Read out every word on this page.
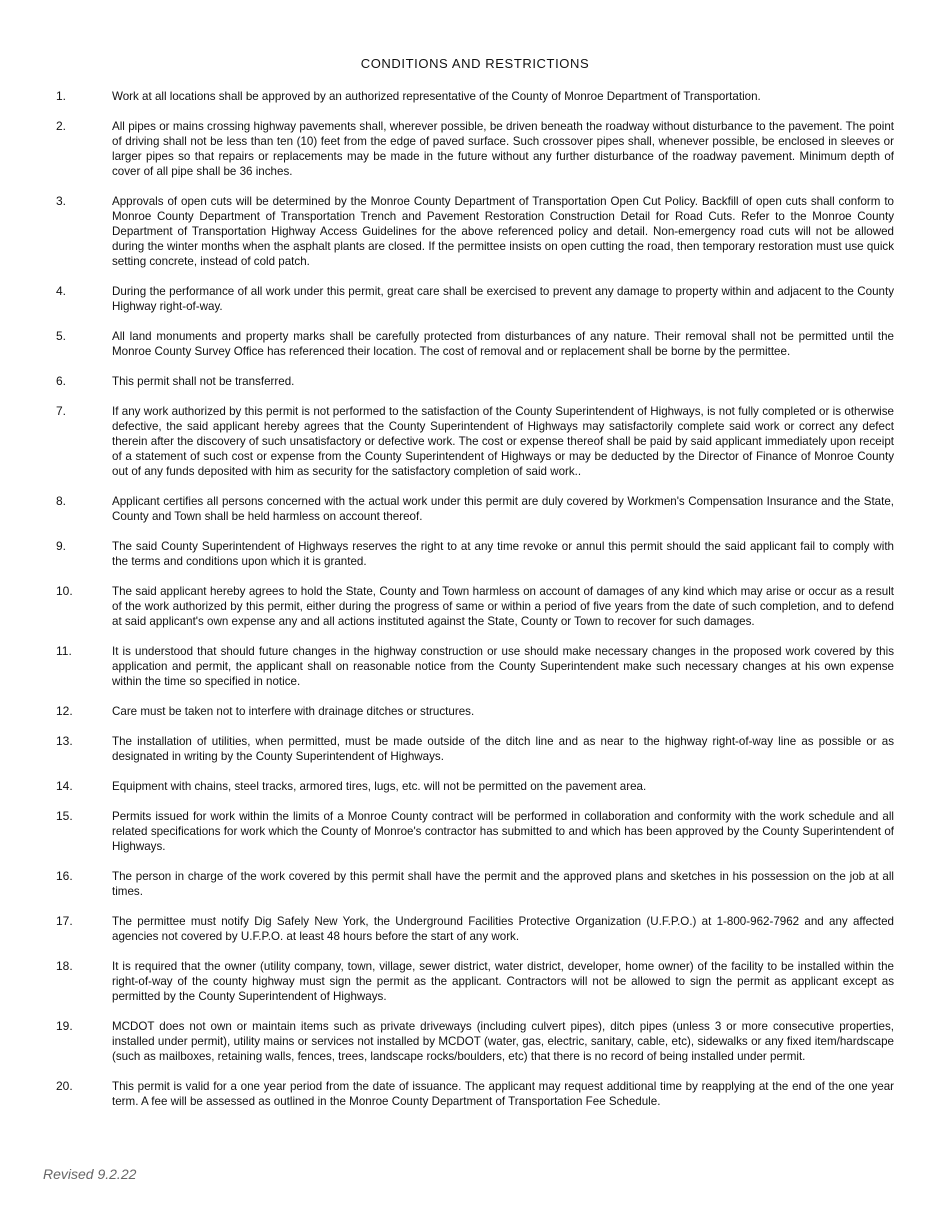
CONDITIONS AND RESTRICTIONS
1.	Work at all locations shall be approved by an authorized representative of the County of Monroe Department of Transportation.
2.	All pipes or mains crossing highway pavements shall, wherever possible, be driven beneath the roadway without disturbance to the pavement. The point of driving shall not be less than ten (10) feet from the edge of paved surface. Such crossover pipes shall, whenever possible, be enclosed in sleeves or larger pipes so that repairs or replacements may be made in the future without any further disturbance of the roadway pavement. Minimum depth of cover of all pipe shall be 36 inches.
3.	Approvals of open cuts will be determined by the Monroe County Department of Transportation Open Cut Policy. Backfill of open cuts shall conform to Monroe County Department of Transportation Trench and Pavement Restoration Construction Detail for Road Cuts. Refer to the Monroe County Department of Transportation Highway Access Guidelines for the above referenced policy and detail. Non-emergency road cuts will not be allowed during the winter months when the asphalt plants are closed. If the permittee insists on open cutting the road, then temporary restoration must use quick setting concrete, instead of cold patch.
4.	During the performance of all work under this permit, great care shall be exercised to prevent any damage to property within and adjacent to the County Highway right-of-way.
5.	All land monuments and property marks shall be carefully protected from disturbances of any nature. Their removal shall not be permitted until the Monroe County Survey Office has referenced their location. The cost of removal and or replacement shall be borne by the permittee.
6.	This permit shall not be transferred.
7.	If any work authorized by this permit is not performed to the satisfaction of the County Superintendent of Highways, is not fully completed or is otherwise defective, the said applicant hereby agrees that the County Superintendent of Highways may satisfactorily complete said work or correct any defect therein after the discovery of such unsatisfactory or defective work. The cost or expense thereof shall be paid by said applicant immediately upon receipt of a statement of such cost or expense from the County Superintendent of Highways or may be deducted by the Director of Finance of Monroe County out of any funds deposited with him as security for the satisfactory completion of said work..
8.	Applicant certifies all persons concerned with the actual work under this permit are duly covered by Workmen's Compensation Insurance and the State, County and Town shall be held harmless on account thereof.
9.	The said County Superintendent of Highways reserves the right to at any time revoke or annul this permit should the said applicant fail to comply with the terms and conditions upon which it is granted.
10.	The said applicant hereby agrees to hold the State, County and Town harmless on account of damages of any kind which may arise or occur as a result of the work authorized by this permit, either during the progress of same or within a period of five years from the date of such completion, and to defend at said applicant's own expense any and all actions instituted against the State, County or Town to recover for such damages.
11.	It is understood that should future changes in the highway construction or use should make necessary changes in the proposed work covered by this application and permit, the applicant shall on reasonable notice from the County Superintendent make such necessary changes at his own expense within the time so specified in notice.
12.	Care must be taken not to interfere with drainage ditches or structures.
13.	The installation of utilities, when permitted, must be made outside of the ditch line and as near to the highway right-of-way line as possible or as designated in writing by the County Superintendent of Highways.
14.	Equipment with chains, steel tracks, armored tires, lugs, etc. will not be permitted on the pavement area.
15.	Permits issued for work within the limits of a Monroe County contract will be performed in collaboration and conformity with the work schedule and all related specifications for work which the County of Monroe's contractor has submitted to and which has been approved by the County Superintendent of Highways.
16.	The person in charge of the work covered by this permit shall have the permit and the approved plans and sketches in his possession on the job at all times.
17.	The permittee must notify Dig Safely New York, the Underground Facilities Protective Organization (U.F.P.O.) at 1-800-962-7962 and any affected agencies not covered by U.F.P.O. at least 48 hours before the start of any work.
18.	It is required that the owner (utility company, town, village, sewer district, water district, developer, home owner) of the facility to be installed within the right-of-way of the county highway must sign the permit as the applicant. Contractors will not be allowed to sign the permit as applicant except as permitted by the County Superintendent of Highways.
19.	MCDOT does not own or maintain items such as private driveways (including culvert pipes), ditch pipes (unless 3 or more consecutive properties, installed under permit), utility mains or services not installed by MCDOT (water, gas, electric, sanitary, cable, etc), sidewalks or any fixed item/hardscape (such as mailboxes, retaining walls, fences, trees, landscape rocks/boulders, etc) that there is no record of being installed under permit.
20.	This permit is valid for a one year period from the date of issuance. The applicant may request additional time by reapplying at the end of the one year term. A fee will be assessed as outlined in the Monroe County Department of Transportation Fee Schedule.
Revised 9.2.22
